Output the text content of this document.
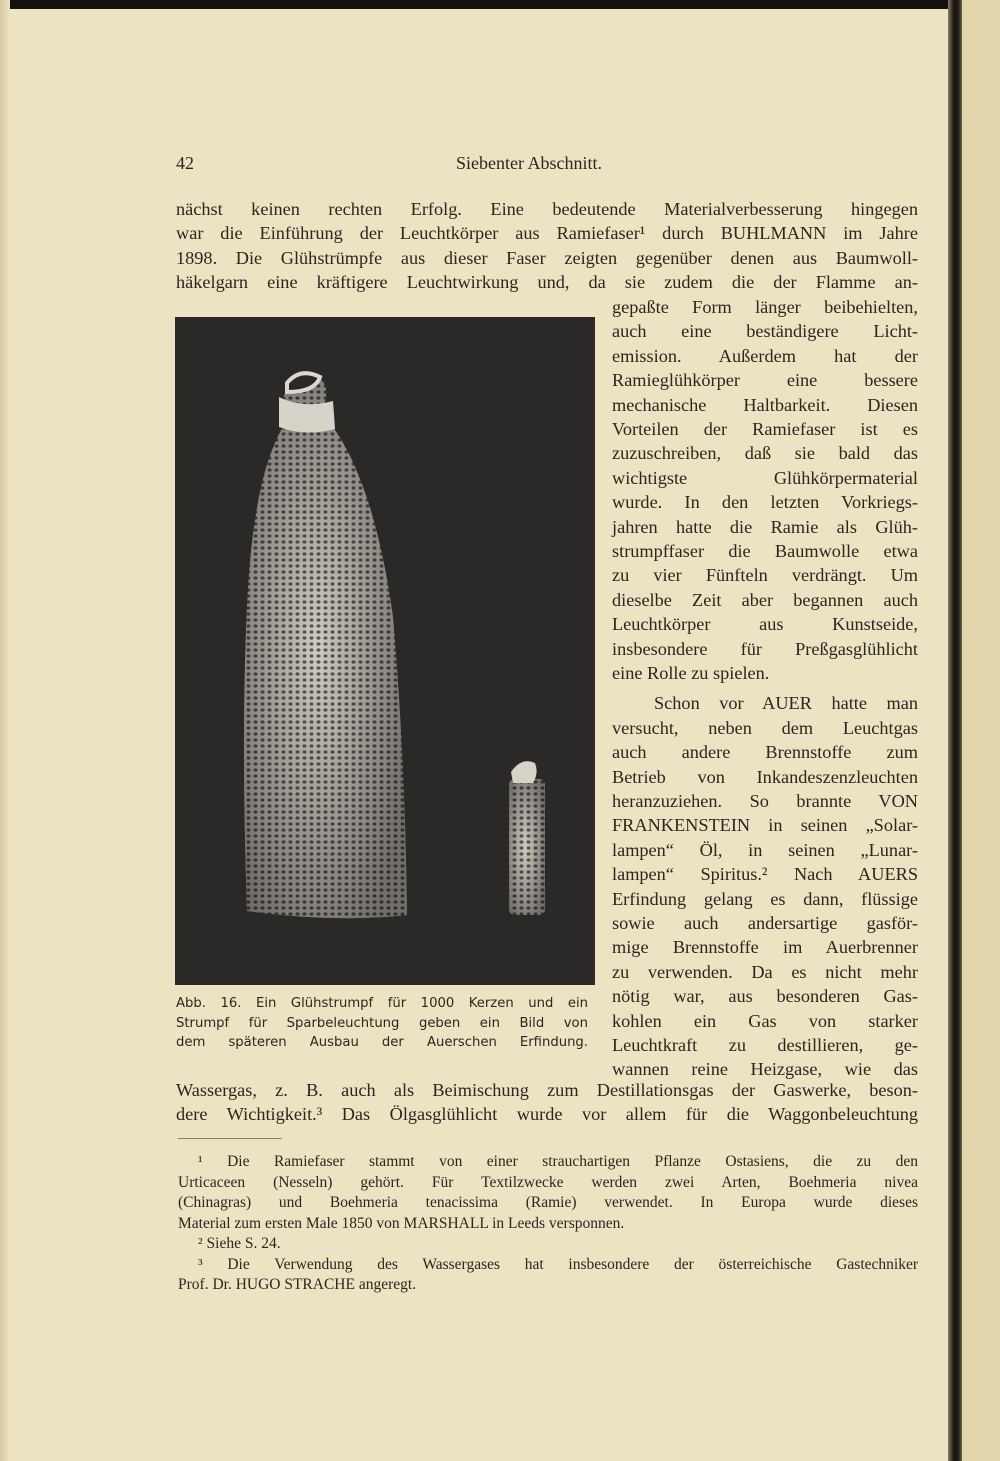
42	Siebenter Abschnitt.
nächst keinen rechten Erfolg. Eine bedeutende Materialverbesserung hingegen
war die Einführung der Leuchtkörper aus Ramiefaser¹ durch BUHLMANN im Jahre
1898. Die Glühstrümpfe aus dieser Faser zeigten gegenüber denen aus Baumwoll-
häkelgarn eine kräftigere Leuchtwirkung und, da sie zudem die der Flamme an-
gepaßte Form länger beibehielten,
auch eine beständigere Licht-
emission. Außerdem hat der
Ramieglühkörper eine bessere
mechanische Haltbarkeit. Diesen
Vorteilen der Ramiefaser ist es
zuzuschreiben, daß sie bald das
wichtigste Glühkörpermaterial
wurde. In den letzten Vorkriegs-
jahren hatte die Ramie als Glüh-
strumpffaser die Baumwolle etwa
zu vier Fünfteln verdrängt. Um
dieselbe Zeit aber begannen auch
Leuchtkörper aus Kunstseide,
insbesondere für Preßgasglühlicht
eine Rolle zu spielen.
Schon vor AUER hatte man
versucht, neben dem Leuchtgas
auch andere Brennstoffe zum
Betrieb von Inkandeszenzleuchten
heranzuziehen. So brannte VON
FRANKENSTEIN in seinen „Solar-
lampen“ Öl, in seinen „Lunar-
lampen“ Spiritus.² Nach AUERS
Erfindung gelang es dann, flüssige
sowie auch andersartige gasför-
mige Brennstoffe im Auerbrenner
zu verwenden. Da es nicht mehr
nötig war, aus besonderen Gas-
kohlen ein Gas von starker
Leuchtkraft zu destillieren, ge-
wannen reine Heizgase, wie das
Wassergas, z. B. auch als Beimischung zum Destillationsgas der Gaswerke, beson-
dere Wichtigkeit.³ Das Ölgasglühlicht wurde vor allem für die Waggonbeleuchtung
Abb. 16. Ein Glühstrumpf für 1000 Kerzen und ein
Strumpf für Sparbeleuchtung geben ein Bild von
dem späteren Ausbau der Auerschen Erfindung.
¹ Die Ramiefaser stammt von einer strauchartigen Pflanze Ostasiens, die zu den
Urticaceen (Nesseln) gehört. Für Textilzwecke werden zwei Arten, Boehmeria nivea
(Chinagras) und Boehmeria tenacissima (Ramie) verwendet. In Europa wurde dieses
Material zum ersten Male 1850 von MARSHALL in Leeds versponnen.
² Siehe S. 24.
³ Die Verwendung des Wassergases hat insbesondere der österreichische Gastechniker
Prof. Dr. HUGO STRACHE angeregt.
